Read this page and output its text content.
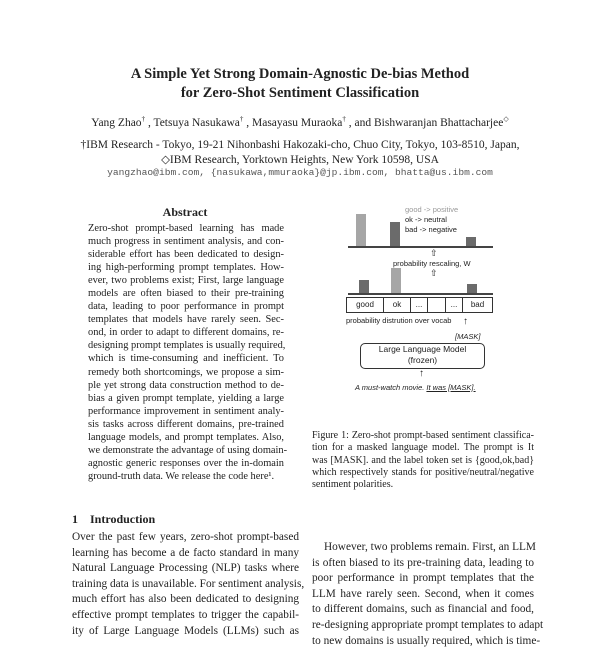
A Simple Yet Strong Domain-Agnostic De-bias Method
for Zero-Shot Sentiment Classification
Yang Zhao† , Tetsuya Nasukawa† , Masayasu Muraoka† , and Bishwaranjan Bhattacharjee◇
†IBM Research - Tokyo, 19-21 Nihonbashi Hakozaki-cho, Chuo City, Tokyo, 103-8510, Japan,
◇IBM Research, Yorktown Heights, New York 10598, USA
yangzhao@ibm.com, {nasukawa,mmuraoka}@jp.ibm.com, bhatta@us.ibm.com
Abstract
Zero-shot prompt-based learning has made
much progress in sentiment analysis, and con-
siderable effort has been dedicated to design-
ing high-performing prompt templates. How-
ever, two problems exist; First, large language
models are often biased to their pre-training
data, leading to poor performance in prompt
templates that models have rarely seen. Sec-
ond, in order to adapt to different domains, re-
designing prompt templates is usually required,
which is time-consuming and inefficient. To
remedy both shortcomings, we propose a sim-
ple yet strong data construction method to de-
bias a given prompt template, yielding a large
performance improvement in sentiment analy-
sis tasks across different domains, pre-trained
language models, and prompt templates. Also,
we demonstrate the advantage of using domain-
agnostic generic responses over the in-domain
ground-truth data. We release the code here¹.
1 Introduction
Over the past few years, zero-shot prompt-based
learning has become a de facto standard in many
Natural Language Processing (NLP) tasks where
training data is unavailable. For sentiment analysis,
much effort has also been dedicated to designing
effective prompt templates to trigger the capabil-
ity of Large Language Models (LLMs) such as
However, two problems remain. First, an LLM
is often biased to its pre-training data, leading to
poor performance in prompt templates that the
LLM have rarely seen. Second, when it comes
to different domains, such as financial and food,
re-designing appropriate prompt templates to adapt
to new domains is usually required, which is time-
good -> positive
ok -> neutral
bad -> negative
⇧
probability rescaling, W
⇧
good	ok	...	...	bad
probability distrution over vocab ↑
[MASK]
Large Language Model
(frozen)
↑
A must-watch movie. It was [MASK].
Figure 1: Zero-shot prompt-based sentiment classifica-
tion for a masked language model. The prompt is It
was [MASK]. and the label token set is {good,ok,bad}
which respectively stands for positive/neutral/negative
sentiment polarities.
